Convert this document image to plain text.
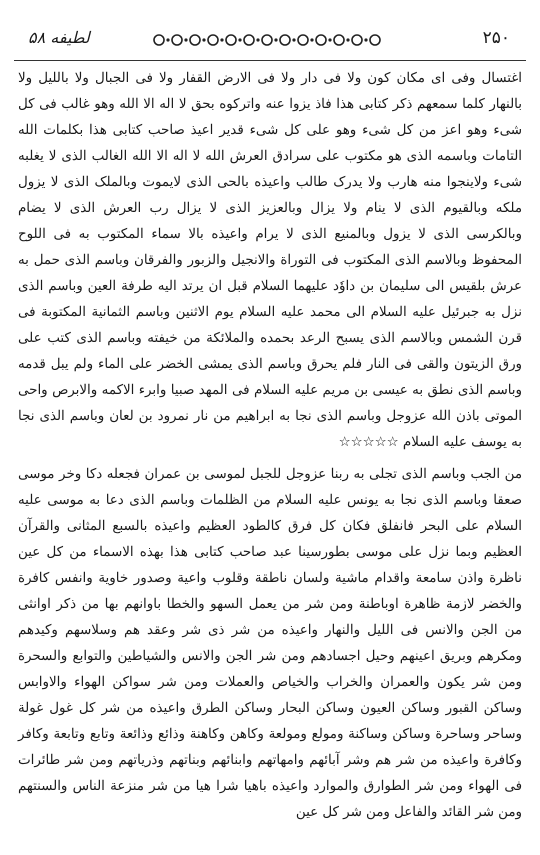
لطيفه ۵۸	۲۵۰

اغتسال وفی ای مکان کون ولا فی دار ولا فی الارض القفار ولا فی الجبال ولا باللیل ولا بالنهار کلما سمعهم ذکر کتابی هذا فاذ یزوا عنه واترکوه بحق لا اله الا الله وهو غالب فی کل شیء وهو اعز من کل شیء وهو علی کل شیء قدیر اعیذ صاحب کتابی هذا بکلمات الله التامات وباسمه الذی هو مکتوب علی سرادق العرش الله لا اله الا الله الغالب الذی لا یغلبه شیء ولاینجوا منه هارب ولا یدرک طالب واعیذه بالحی الذی لایموت وبالملک الذی لا یزول ملکه وبالقیوم الذی لا ینام ولا یزال وبالعزیز الذی لا یزال رب العرش الذی لا یضام وبالکرسی الذی لا یزول وبالمنیع الذی لا یرام واعیذه بالا سماء المکتوب به فی اللوح المحفوظ وبالاسم الذی المکتوب فی التوراة والانجیل والزبور والفرقان وباسم الذی حمل به عرش بلقیس الی سلیمان بن داوٗد علیهما السلام قبل ان یرتد الیه طرفة العین وباسم الذی نزل به جبرئیل علیه السلام الی محمد علیه السلام یوم الاثنین وباسم الثمانیة المکتوبة فی قرن الشمس وبالاسم الذی یسبح الرعد بحمده والملائکة من خیفته وباسم الذی کتب علی ورق الزیتون والقی فی النار فلم یحرق وباسم الذی یمشی الخضر علی الماء ولم یبل قدمه وباسم الذی نطق به عیسی بن مریم علیه السلام فی المهد صبیا وابرء الاکمه والابرص واحی الموتی باذن الله عزوجل وباسم الذی نجا به ابراهیم من نار نمرود بن لعان وباسم الذی نجا به یوسف علیه السلام ☆☆☆☆☆

من الجب وباسم الذی تجلی به ربنا عزوجل للجبل لموسی بن عمران فجعله دکا وخر موسی صعقا وباسم الذی نجا به یونس علیه السلام من الظلمات وباسم الذی دعا به موسی علیه السلام علی البحر فانفلق فکان کل فرق کالطود العظیم واعیذه بالسبع المثانی والقرآن العظیم وبما نزل علی موسی بطورسینا عبد صاحب کتابی هذا بهذه الاسماء من کل عین ناظرة واذن سامعة واقدام ماشیة ولسان ناطقة وقلوب واعیة وصدور خاویة وانفس کافرة والخضر لازمة ظاهرة اوباطنة ومن شر من یعمل السهو والخطا باوانهم بها من ذکر اوانثی من الجن والانس فی اللیل والنهار واعیذه من شر ذی شر وعقد هم وسلاسهم وکیدهم ومکرهم وبریق اعینهم وحیل اجسادهم ومن شر الجن والانس والشیاطین والتوابع والسحرة ومن شر یکون والعمران والخراب والخیاص والعملات ومن شر سواکن الهواء والاوابس وساکن القبور وساکن العیون وساکن البحار وساکن الطرق واعیذه من شر کل غول غولة وساحر وساحرة وساکن وساکنة ومولع ومولعة وکاهن وکاهنة وذائع وذائعة وتابع وتابعة وکافر وکافرة واعیذه من شر هم وشر آبائهم وامهاتهم وابنائهم وبناتهم وذریاتهم ومن شر طائرات فی الهواء ومن شر الطوارق والموارد واعیذه باهیا شرا هیا من شر منزعة الناس والسنتهم ومن شر القائد والفاعل ومن شر کل عین
